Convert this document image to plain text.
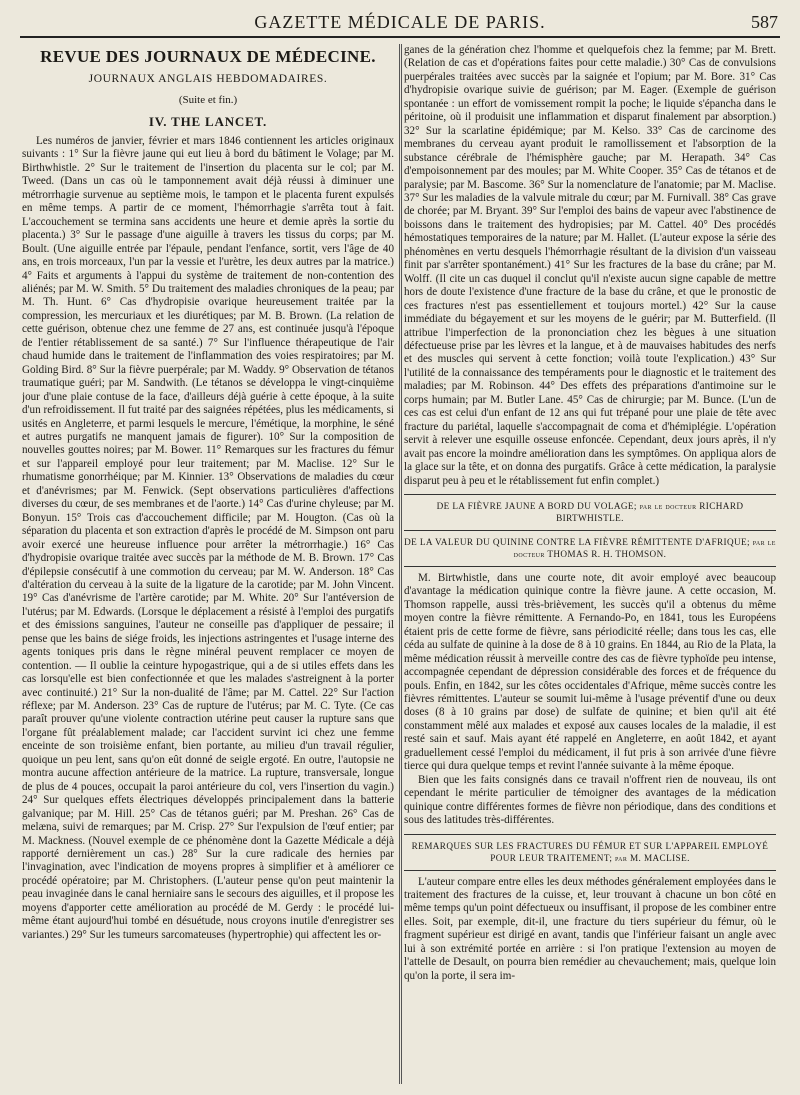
GAZETTE MÉDICALE DE PARIS.	587
REVUE DES JOURNAUX DE MÉDECINE.
JOURNAUX ANGLAIS HEBDOMADAIRES.
(Suite et fin.)
IV. THE LANCET.

Les numéros de janvier, février et mars 1846 contiennent les articles originaux suivants : 1° Sur la fièvre jaune qui eut lieu à bord du bâtiment le Volage; par M. Birthwhistle. 2° Sur le traitement de l'insertion du placenta sur le col; par M. Tweed. (Dans un cas où le tamponnement avait déjà réussi à diminuer une métrorrhagie survenue au septième mois, le tampon et le placenta furent expulsés en même temps. A partir de ce moment, l'hémorrhagie s'arrêta tout à fait. L'accouchement se termina sans accidents une heure et demie après la sortie du placenta.) 3° Sur le passage d'une aiguille à travers les tissus du corps; par M. Boult. (Une aiguille entrée par l'épaule, pendant l'enfance, sortit, vers l'âge de 40 ans, en trois morceaux, l'un par la vessie et l'urètre, les deux autres par la matrice.) 4° Faits et arguments à l'appui du système de traitement de non-contention des aliénés; par M. W. Smith. 5° Du traitement des maladies chroniques de la peau; par M. Th. Hunt. 6° Cas d'hydropisie ovarique heureusement traitée par la compression, les mercuriaux et les diurétiques; par M. B. Brown. (La relation de cette guérison, obtenue chez une femme de 27 ans, est continuée jusqu'à l'époque de l'entier rétablissement de sa santé.) 7° Sur l'influence thérapeutique de l'air chaud humide dans le traitement de l'inflammation des voies respiratoires; par M. Golding Bird. 8° Sur la fièvre puerpérale; par M. Waddy. 9° Observation de tétanos traumatique guéri; par M. Sandwith. (Le tétanos se développa le vingt-cinquième jour d'une plaie contuse de la face, d'ailleurs déjà guérie à cette époque, à la suite d'un refroidissement. Il fut traité par des saignées répétées, plus les médicaments, si usités en Angleterre, et parmi lesquels le mercure, l'émétique, la morphine, le séné et autres purgatifs ne manquent jamais de figurer). 10° Sur la composition de nouvelles gouttes noires; par M. Bower. 11° Remarques sur les fractures du fémur et sur l'appareil employé pour leur traitement; par M. Maclise. 12° Sur le rhumatisme gonorrhéique; par M. Kinnier. 13° Observations de maladies du cœur et d'anévrismes; par M. Fenwick. (Sept observations particulières d'affections diverses du cœur, de ses membranes et de l'aorte.) 14° Cas d'urine chyleuse; par M. Bonyun. 15° Trois cas d'accouchement difficile; par M. Hougton. (Cas où la séparation du placenta et son extraction d'après le procédé de M. Simpson ont paru avoir exercé une heureuse influence pour arrêter la métrorrhagie.) 16° Cas d'hydropisie ovarique traitée avec succès par la méthode de M. B. Brown. 17° Cas d'épilepsie consécutif à une commotion du cerveau; par M. W. Anderson. 18° Cas d'altération du cerveau à la suite de la ligature de la carotide; par M. John Vincent. 19° Cas d'anévrisme de l'artère carotide; par M. White. 20° Sur l'antéversion de l'utérus; par M. Edwards. (Lorsque le déplacement a résisté à l'emploi des purgatifs et des émissions sanguines, l'auteur ne conseille pas d'appliquer de pessaire; il pense que les bains de siége froids, les injections astringentes et l'usage interne des agents toniques pris dans le règne minéral peuvent remplacer ce moyen de contention. — Il oublie la ceinture hypogastrique, qui a de si utiles effets dans les cas lorsqu'elle est bien confectionnée et que les malades s'astreignent à la porter avec continuité.) 21° Sur la non-dualité de l'âme; par M. Cattel. 22° Sur l'action réflexe; par M. Anderson. 23° Cas de rupture de l'utérus; par M. C. Tyte. (Ce cas paraît prouver qu'une violente contraction utérine peut causer la rupture sans que l'organe fût préalablement malade; car l'accident survint ici chez une femme enceinte de son troisième enfant, bien portante, au milieu d'un travail régulier, quoique un peu lent, sans qu'on eût donné de seigle ergoté. En outre, l'autopsie ne montra aucune affection antérieure de la matrice. La rupture, transversale, longue de plus de 4 pouces, occupait la paroi antérieure du col, vers l'insertion du vagin.) 24° Sur quelques effets électriques développés principalement dans la batterie galvanique; par M. Hill. 25° Cas de tétanos guéri; par M. Preshan. 26° Cas de melæna, suivi de remarques; par M. Crisp. 27° Sur l'expulsion de l'œuf entier; par M. Mackness. (Nouvel exemple de ce phénomène dont la Gazette Médicale a déjà rapporté dernièrement un cas.) 28° Sur la cure radicale des hernies par l'invagination, avec l'indication de moyens propres à simplifier et à améliorer ce procédé opératoire; par M. Christophers. (L'auteur pense qu'on peut maintenir la peau invaginée dans le canal herniaire sans le secours des aiguilles, et il propose les moyens d'apporter cette amélioration au procédé de M. Gerdy : le procédé lui-même étant aujourd'hui tombé en désuétude, nous croyons inutile d'enregistrer ses variantes.) 29° Sur les tumeurs sarcomateuses (hypertrophie) qui affectent les or-

ganes de la génération chez l'homme et quelquefois chez la femme; par M. Brett. (Relation de cas et d'opérations faites pour cette maladie.) 30° Cas de convulsions puerpérales traitées avec succès par la saignée et l'opium; par M. Bore. 31° Cas d'hydropisie ovarique suivie de guérison; par M. Eager. (Exemple de guérison spontanée : un effort de vomissement rompit la poche; le liquide s'épancha dans le péritoine, où il produisit une inflammation et disparut finalement par absorption.) 32° Sur la scarlatine épidémique; par M. Kelso. 33° Cas de carcinome des membranes du cerveau ayant produit le ramollissement et l'absorption de la substance cérébrale de l'hémisphère gauche; par M. Herapath. 34° Cas d'empoisonnement par des moules; par M. White Cooper. 35° Cas de tétanos et de paralysie; par M. Bascome. 36° Sur la nomenclature de l'anatomie; par M. Maclise. 37° Sur les maladies de la valvule mitrale du cœur; par M. Furnivall. 38° Cas grave de chorée; par M. Bryant. 39° Sur l'emploi des bains de vapeur avec l'abstinence de boissons dans le traitement des hydropisies; par M. Cattel. 40° Des procédés hémostatiques temporaires de la nature; par M. Hallet. (L'auteur expose la série des phénomènes en vertu desquels l'hémorrhagie résultant de la division d'un vaisseau finit par s'arrêter spontanément.) 41° Sur les fractures de la base du crâne; par M. Wolff. (Il cite un cas duquel il conclut qu'il n'existe aucun signe capable de mettre hors de doute l'existence d'une fracture de la base du crâne, et que le pronostic de ces fractures n'est pas essentiellement et toujours mortel.) 42° Sur la cause immédiate du bégayement et sur les moyens de le guérir; par M. Butterfield. (Il attribue l'imperfection de la prononciation chez les bègues à une situation défectueuse prise par les lèvres et la langue, et à de mauvaises habitudes des nerfs et des muscles qui servent à cette fonction; voilà toute l'explication.) 43° Sur l'utilité de la connaissance des tempéraments pour le diagnostic et le traitement des maladies; par M. Robinson. 44° Des effets des préparations d'antimoine sur le corps humain; par M. Butler Lane. 45° Cas de chirurgie; par M. Bunce. (L'un de ces cas est celui d'un enfant de 12 ans qui fut trépané pour une plaie de tête avec fracture du pariétal, laquelle s'accompagnait de coma et d'hémiplégie. L'opération servit à relever une esquille osseuse enfoncée. Cependant, deux jours après, il n'y avait pas encore la moindre amélioration dans les symptômes. On appliqua alors de la glace sur la tête, et on donna des purgatifs. Grâce à cette médication, la paralysie disparut peu à peu et le rétablissement fut enfin complet.)

DE LA FIÈVRE JAUNE A BORD DU VOLAGE; par le docteur RICHARD BIRTWHISTLE.
DE LA VALEUR DU QUININE CONTRE LA FIÈVRE RÉMITTENTE D'AFRIQUE; par le docteur THOMAS R. H. THOMSON.

M. Birtwhistle, dans une courte note, dit avoir employé avec beaucoup d'avantage la médication quinique contre la fièvre jaune. A cette occasion, M. Thomson rappelle, aussi très-brièvement, les succès qu'il a obtenus du même moyen contre la fièvre rémittente. A Fernando-Po, en 1841, tous les Européens étaient pris de cette forme de fièvre, sans périodicité réelle; dans tous les cas, elle céda au sulfate de quinine à la dose de 8 à 10 grains. En 1844, au Rio de la Plata, la même médication réussit à merveille contre des cas de fièvre typhoïde peu intense, accompagnée cependant de dépression considérable des forces et de fréquence du pouls. Enfin, en 1842, sur les côtes occidentales d'Afrique, même succès contre les fièvres rémittentes. L'auteur se soumit lui-même à l'usage préventif d'une ou deux doses (8 à 10 grains par dose) de sulfate de quinine; et bien qu'il ait été constamment mêlé aux malades et exposé aux causes locales de la maladie, il est resté sain et sauf. Mais ayant été rappelé en Angleterre, en août 1842, et ayant graduellement cessé l'emploi du médicament, il fut pris à son arrivée d'une fièvre tierce qui dura quelque temps et revint l'année suivante à la même époque.

Bien que les faits consignés dans ce travail n'offrent rien de nouveau, ils ont cependant le mérite particulier de témoigner des avantages de la médication quinique contre différentes formes de fièvre non périodique, dans des conditions et sous des latitudes très-différentes.

REMARQUES SUR LES FRACTURES DU FÉMUR ET SUR L'APPAREIL EMPLOYÉ POUR LEUR TRAITEMENT; par M. MACLISE.

L'auteur compare entre elles les deux méthodes généralement employées dans le traitement des fractures de la cuisse, et, leur trouvant à chacune un bon côté en même temps qu'un point défectueux ou insuffisant, il propose de les combiner entre elles. Soit, par exemple, dit-il, une fracture du tiers supérieur du fémur, où le fragment supérieur est dirigé en avant, tandis que l'inférieur faisant un angle avec lui à son extrémité portée en arrière : si l'on pratique l'extension au moyen de l'attelle de Desault, on pourra bien remédier au chevauchement; mais, quelque loin qu'on la porte, il sera im-
